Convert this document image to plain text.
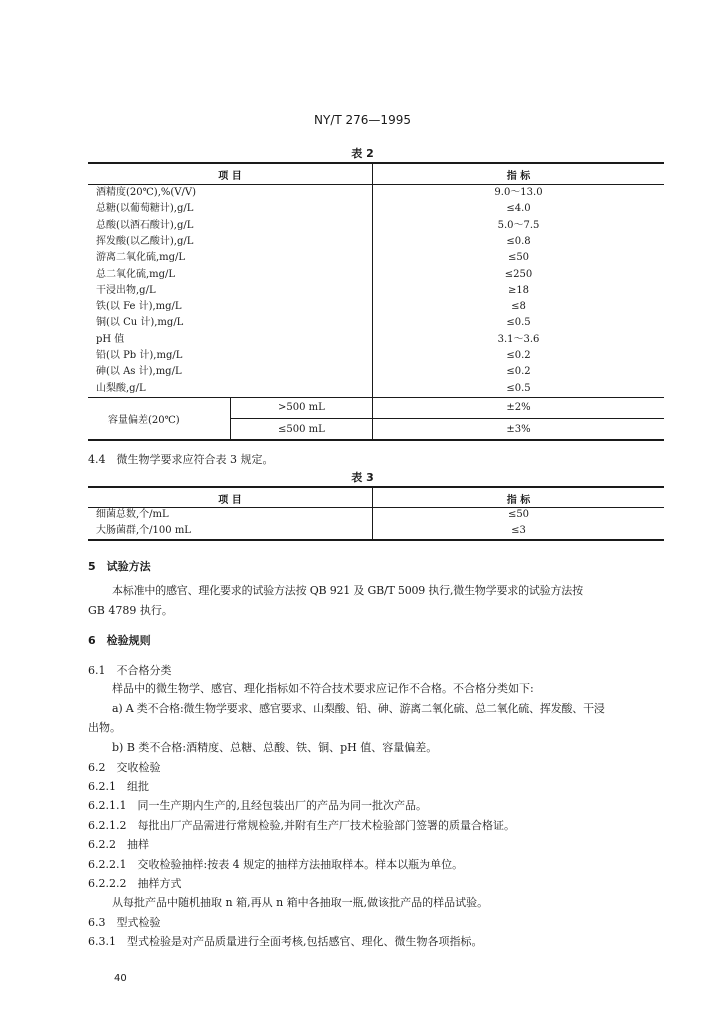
NY/T 276—1995
表 2
项 目	指 标
酒精度(20℃),%(V/V)	9.0～13.0
总糖(以葡萄糖计),g/L	≤4.0
总酸(以酒石酸计),g/L	5.0～7.5
挥发酸(以乙酸计),g/L	≤0.8
游离二氧化硫,mg/L	≤50
总二氧化硫,mg/L	≤250
干浸出物,g/L	≥18
铁(以 Fe 计),mg/L	≤8
铜(以 Cu 计),mg/L	≤0.5
pH 值	3.1～3.6
铅(以 Pb 计),mg/L	≤0.2
砷(以 As 计),mg/L	≤0.2
山梨酸,g/L	≤0.5
容量偏差(20℃)
>500 mL	±2%
≤500 mL	±3%
4.4　微生物学要求应符合表 3 规定。
表 3
项 目	指 标
细菌总数,个/mL	≤50
大肠菌群,个/100 mL	≤3
5　试验方法
本标准中的感官、理化要求的试验方法按 QB 921 及 GB/T 5009 执行,微生物学要求的试验方法按
GB 4789 执行。
6　检验规则
6.1　不合格分类
样品中的微生物学、感官、理化指标如不符合技术要求应记作不合格。不合格分类如下:
a) A 类不合格:微生物学要求、感官要求、山梨酸、铅、砷、游离二氧化硫、总二氧化硫、挥发酸、干浸
出物。
b) B 类不合格:酒精度、总糖、总酸、铁、铜、pH 值、容量偏差。
6.2　交收检验
6.2.1　组批
6.2.1.1　同一生产期内生产的,且经包装出厂的产品为同一批次产品。
6.2.1.2　每批出厂产品需进行常规检验,并附有生产厂技术检验部门签署的质量合格证。
6.2.2　抽样
6.2.2.1　交收检验抽样:按表 4 规定的抽样方法抽取样本。样本以瓶为单位。
6.2.2.2　抽样方式
从每批产品中随机抽取 n 箱,再从 n 箱中各抽取一瓶,做该批产品的样品试验。
6.3　型式检验
6.3.1　型式检验是对产品质量进行全面考核,包括感官、理化、微生物各项指标。
40
